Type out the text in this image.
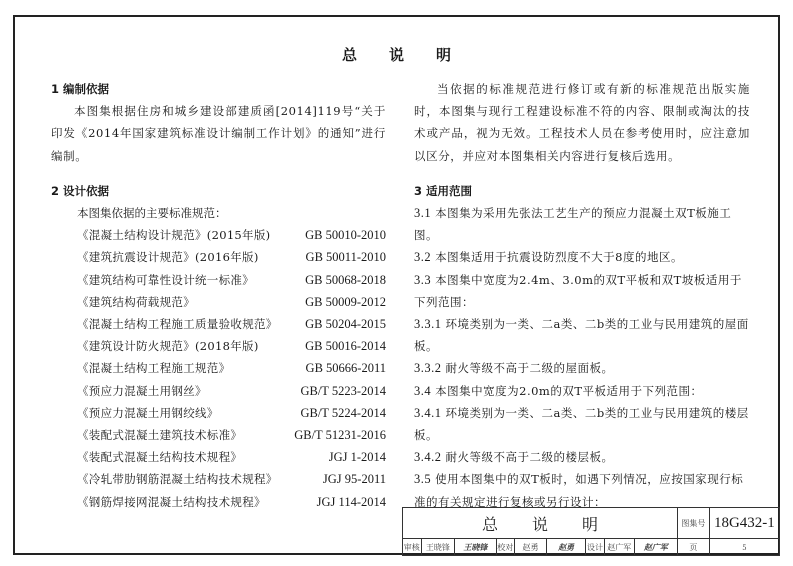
总说明
1 编制依据
本图集根据住房和城乡建设部建质函[2014]119号“关于印发《2014年国家建筑标准设计编制工作计划》的通知”进行编制。
2 设计依据
本图集依据的主要标准规范：
《混凝土结构设计规范》(2015年版)	GB 50010-2010
《建筑抗震设计规范》(2016年版)	GB 50011-2010
《建筑结构可靠性设计统一标准》	GB 50068-2018
《建筑结构荷载规范》	GB 50009-2012
《混凝土结构工程施工质量验收规范》 GB 50204-2015
《建筑设计防火规范》(2018年版)	GB 50016-2014
《混凝土结构工程施工规范》	GB 50666-2011
《预应力混凝土用钢丝》	GB/T 5223-2014
《预应力混凝土用钢绞线》	GB/T 5224-2014
《装配式混凝土建筑技术标准》	GB/T 51231-2016
《装配式混凝土结构技术规程》	JGJ 1-2014
《冷轧带肋钢筋混凝土结构技术规程》	JGJ 95-2011
《钢筋焊接网混凝土结构技术规程》	JGJ 114-2014
当依据的标准规范进行修订或有新的标准规范出版实施时，本图集与现行工程建设标准不符的内容、限制或淘汰的技术或产品，视为无效。工程技术人员在参考使用时，应注意加以区分，并应对本图集相关内容进行复核后选用。
3 适用范围
3.1 本图集为采用先张法工艺生产的预应力混凝土双T板施工图。
3.2 本图集适用于抗震设防烈度不大于8度的地区。
3.3 本图集中宽度为2.4m、3.0m的双T平板和双T坡板适用于下列范围：
3.3.1 环境类别为一类、二a类、二b类的工业与民用建筑的屋面板。
3.3.2 耐火等级不高于二级的屋面板。
3.4 本图集中宽度为2.0m的双T平板适用于下列范围：
3.4.1 环境类别为一类、二a类、二b类的工业与民用建筑的楼层板。
3.4.2 耐火等级不高于二级的楼层板。
3.5 使用本图集中的双T板时，如遇下列情况，应按国家现行标准的有关规定进行复核或另行设计：
总说明									图集号	18G432-1
审核	王晓锋	王晓锋	校对	赵勇	赵勇	设计	赵广军	赵广军	页	5
